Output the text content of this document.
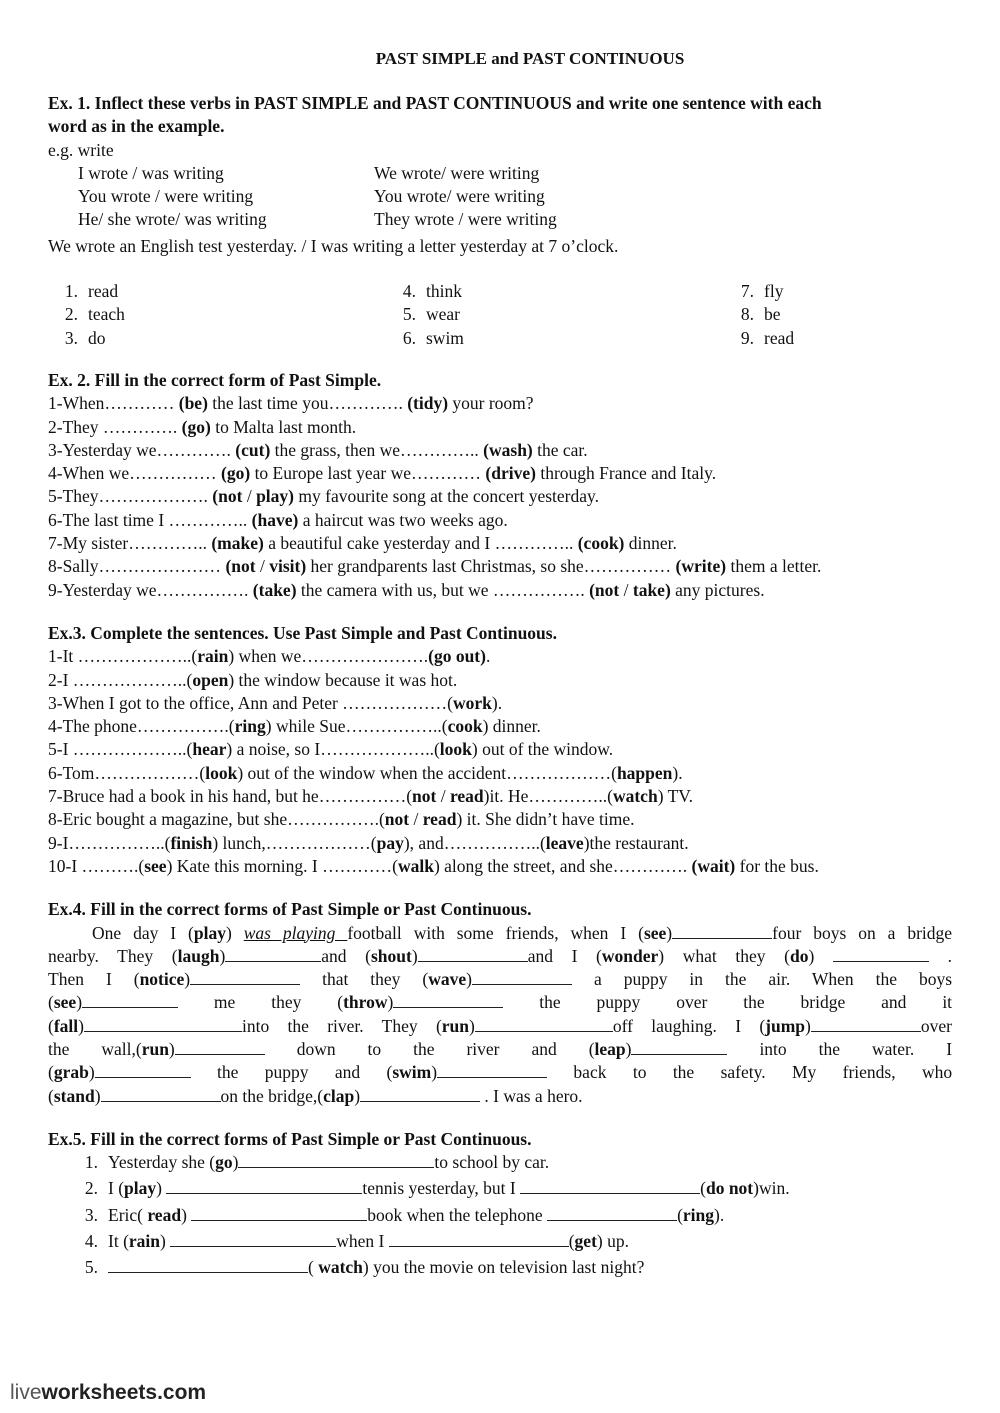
PAST SIMPLE and PAST CONTINUOUS

Ex. 1. Inflect these verbs in PAST SIMPLE and PAST CONTINUOUS and write one sentence with each

word as in the example.

e.g. write

I wrote / was writing	We wrote/ were writing
You wrote / were writing	You wrote/ were writing
He/ she wrote/ was writing	They wrote / were writing

We wrote an English test yesterday. / I was writing a letter yesterday at 7 o’clock.

1. read	4. think	7. fly
2. teach	5. wear	8. be
3. do	6. swim	9. read

Ex. 2. Fill in the correct form of Past Simple.

1-When………… (be) the last time you…………. (tidy) your room?

2-They …………. (go) to Malta last month.

3-Yesterday we…………. (cut) the grass, then we………….. (wash) the car.

4-When we…………… (go) to Europe last year we………… (drive) through France and Italy.

5-They………………. (not / play) my favourite song at the concert yesterday.

6-The last time I ………….. (have) a haircut was two weeks ago.

7-My sister………….. (make) a beautiful cake yesterday and I ………….. (cook) dinner.

8-Sally………………… (not / visit) her grandparents last Christmas, so she…………… (write) them a letter.

9-Yesterday we……………. (take) the camera with us, but we ……………. (not / take) any pictures.

Ex.3. Complete the sentences. Use Past Simple and Past Continuous.

1-It ………………..(rain) when we………………….(go out).

2-I ………………..(open) the window because it was hot.

3-When I got to the office, Ann and Peter ………………(work).

4-The phone…………….(ring) while Sue……………..(cook) dinner.

5-I ………………..(hear) a noise, so I………………..(look) out of the window.

6-Tom………………(look) out of the window when the accident………………(happen).

7-Bruce had a book in his hand, but he……………(not / read)it. He…………..(watch) TV.

8-Eric bought a magazine, but she…………….(not / read) it. She didn’t have time.

9-I……………..(finish) lunch,………………(pay), and……………..(leave)the restaurant.

10-I ……….(see) Kate this morning. I …………(walk) along the street, and she…………. (wait) for the bus.

Ex.4. Fill in the correct forms of Past Simple or Past Continuous.

One day I (play) was playing football with some friends, when I (see)	four boys on a bridge

nearby. They (laugh)	and (shout)	and I (wonder) what they (do)	.

Then I (notice)	that they (wave)	a puppy in the air. When the boys

(see)	me they (throw)	the puppy over the bridge and it

(fall)	into the river. They (run)	off laughing. I (jump)	over

the wall,(run)	down to the river and (leap)	into the water. I

(grab)	the puppy and (swim)	back to the safety. My friends, who

(stand)	on the bridge,(clap)	. I was a hero.

Ex.5. Fill in the correct forms of Past Simple or Past Continuous.

1. Yesterday she (go)	to school by car.
2. I (play)	tennis yesterday, but I	(do not)win.
3. Eric( read)	book when the telephone	(ring).
4. It (rain)	when I	(get) up.
5.	( watch) you the movie on television last night?
liveworksheets.com
